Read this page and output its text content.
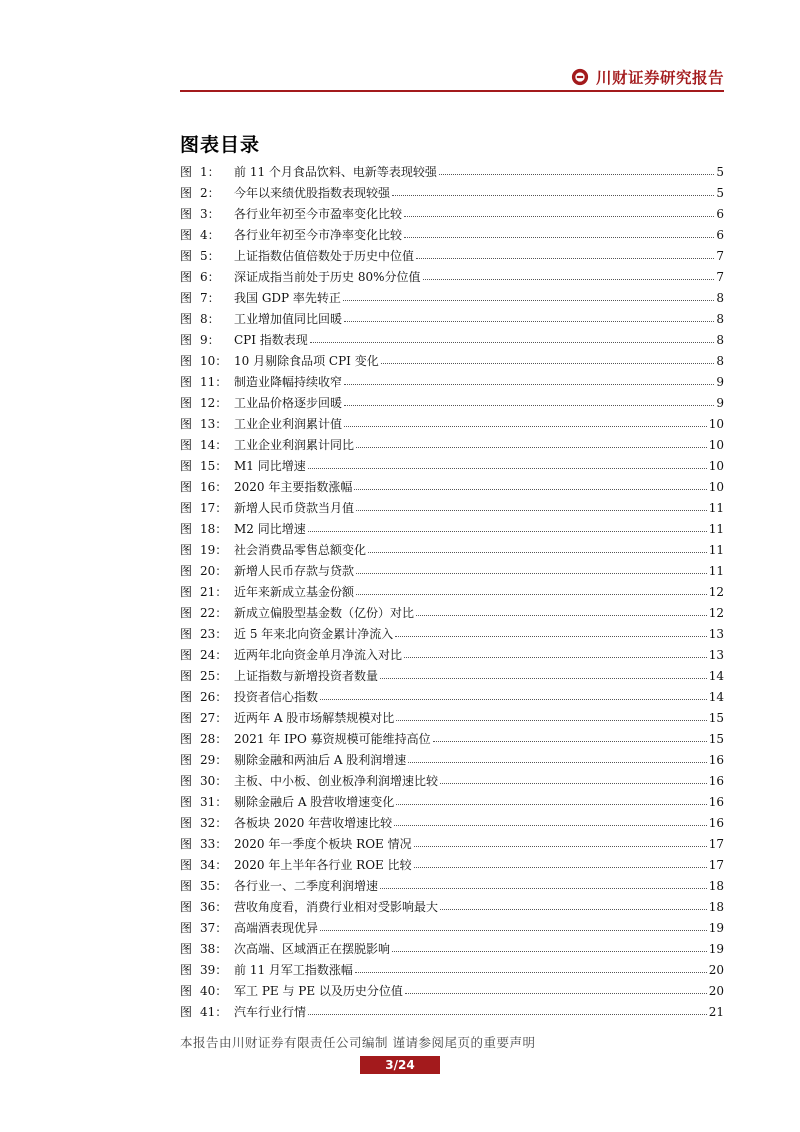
川财证券研究报告
图表目录
图 1：	前 11 个月食品饮料、电新等表现较强	5
图 2：	今年以来绩优股指数表现较强	5
图 3：	各行业年初至今市盈率变化比较	6
图 4：	各行业年初至今市净率变化比较	6
图 5：	上证指数估值倍数处于历史中位值	7
图 6：	深证成指当前处于历史 80%分位值	7
图 7：	我国 GDP 率先转正	8
图 8：	工业增加值同比回暖	8
图 9：	CPI 指数表现	8
图 10： 10 月剔除食品项 CPI 变化	8
图 11： 制造业降幅持续收窄	9
图 12： 工业品价格逐步回暖	9
图 13： 工业企业利润累计值	10
图 14： 工业企业利润累计同比	10
图 15： M1 同比增速	10
图 16： 2020 年主要指数涨幅	10
图 17： 新增人民币贷款当月值	11
图 18： M2 同比增速	11
图 19： 社会消费品零售总额变化	11
图 20： 新增人民币存款与贷款	11
图 21： 近年来新成立基金份额	12
图 22： 新成立偏股型基金数（亿份）对比	12
图 23： 近 5 年来北向资金累计净流入	13
图 24： 近两年北向资金单月净流入对比	13
图 25： 上证指数与新增投资者数量	14
图 26： 投资者信心指数	14
图 27： 近两年 A 股市场解禁规模对比	15
图 28： 2021 年 IPO 募资规模可能维持高位	15
图 29： 剔除金融和两油后 A 股利润增速	16
图 30： 主板、中小板、创业板净利润增速比较	16
图 31： 剔除金融后 A 股营收增速变化	16
图 32： 各板块 2020 年营收增速比较	16
图 33： 2020 年一季度个板块 ROE 情况	17
图 34： 2020 年上半年各行业 ROE 比较	17
图 35： 各行业一、二季度利润增速	18
图 36： 营收角度看，消费行业相对受影响最大	18
图 37： 高端酒表现优异	19
图 38： 次高端、区域酒正在摆脱影响	19
图 39： 前 11 月军工指数涨幅	20
图 40： 军工 PE 与 PE 以及历史分位值	20
图 41： 汽车行业行情	21
本报告由川财证券有限责任公司编制 谨请参阅尾页的重要声明
3/24
